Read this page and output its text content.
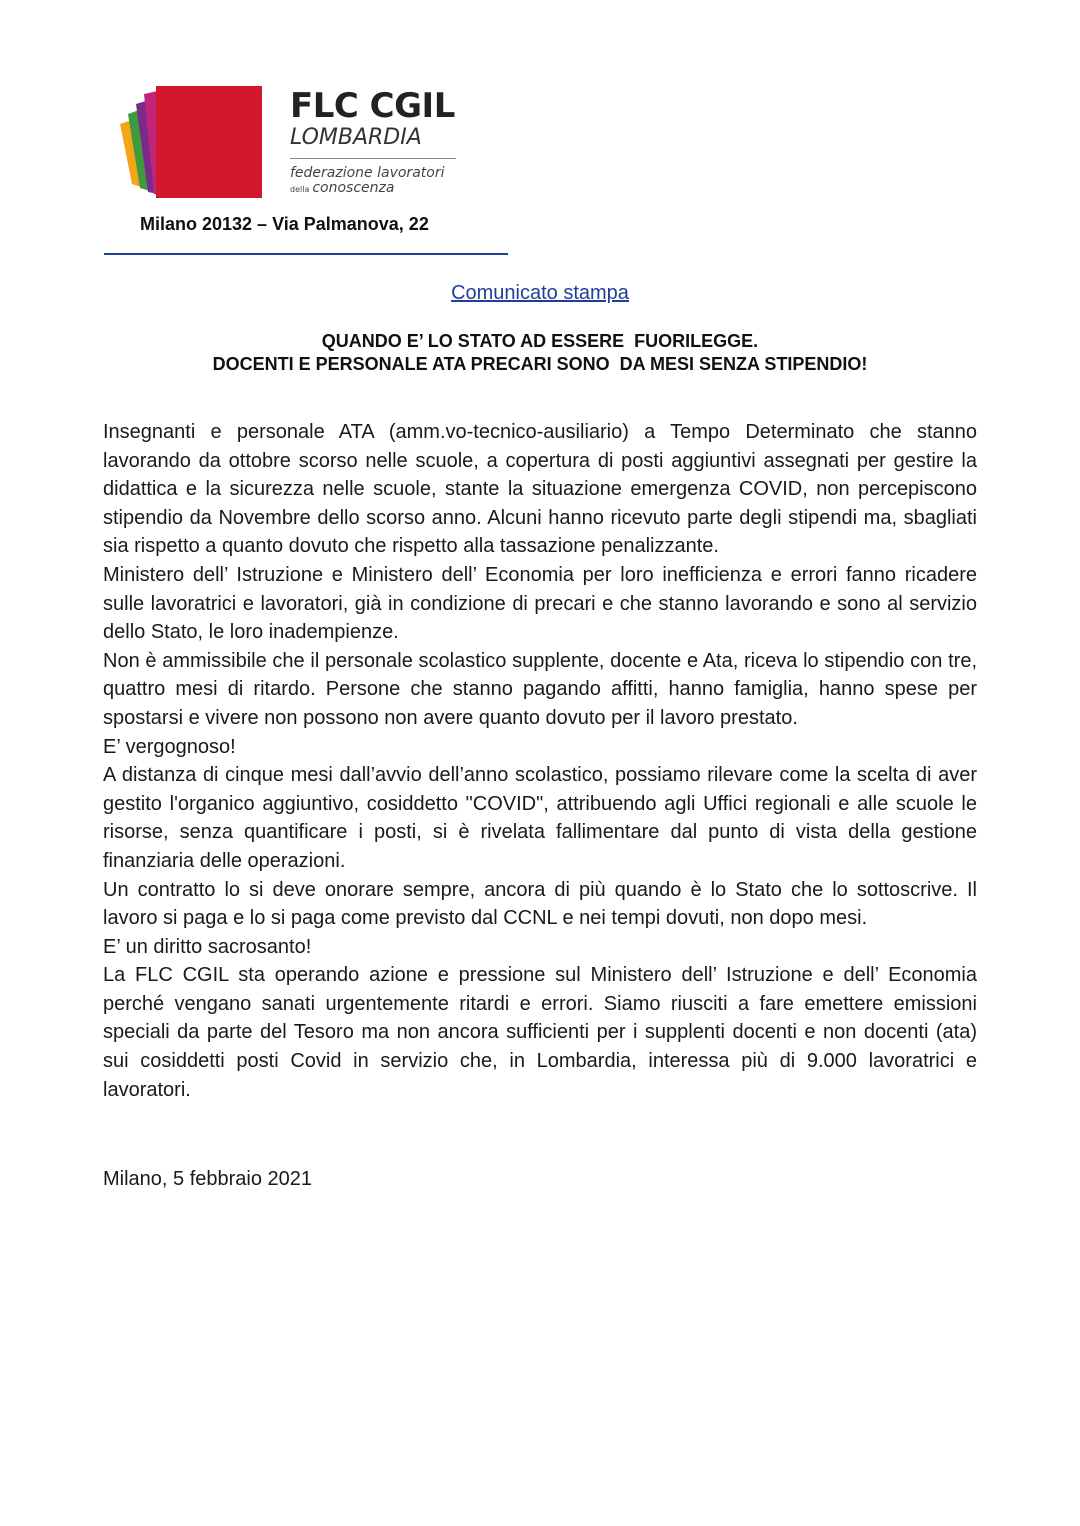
FLC CGIL
LOMBARDIA
federazione lavoratori
della conoscenza
Milano 20132 – Via Palmanova, 22
Comunicato stampa
QUANDO E’ LO STATO AD ESSERE  FUORILEGGE.
DOCENTI E PERSONALE ATA PRECARI SONO  DA MESI SENZA STIPENDIO!

Insegnanti e personale ATA (amm.vo-tecnico-ausiliario) a Tempo Determinato che stanno lavorando da ottobre scorso nelle scuole, a copertura di posti aggiuntivi assegnati per gestire la didattica e la sicurezza nelle scuole, stante la situazione emergenza COVID, non percepiscono stipendio da Novembre dello scorso anno. Alcuni hanno ricevuto parte degli stipendi ma, sbagliati sia rispetto a quanto dovuto che rispetto alla tassazione penalizzante.

Ministero dell’ Istruzione e Ministero dell’ Economia per loro inefficienza e errori fanno ricadere sulle lavoratrici e lavoratori, già in condizione di precari e che stanno lavorando e sono al servizio dello Stato, le loro inadempienze.

Non è ammissibile che il personale scolastico supplente, docente e Ata, riceva lo stipendio con tre, quattro mesi di ritardo. Persone che stanno pagando affitti, hanno famiglia, hanno spese per spostarsi e vivere non possono non avere quanto dovuto per il lavoro prestato.

E’ vergognoso!

A distanza di cinque mesi dall’avvio dell’anno scolastico, possiamo rilevare come la scelta di aver gestito l'organico aggiuntivo, cosiddetto "COVID", attribuendo agli Uffici regionali e alle scuole le risorse, senza quantificare i posti, si è rivelata fallimentare dal punto di vista della gestione finanziaria delle operazioni.

Un contratto lo si deve onorare sempre, ancora di più quando è lo Stato che lo sottoscrive. Il lavoro si paga e lo si paga come previsto dal CCNL e nei tempi dovuti, non dopo mesi.

E’ un diritto sacrosanto!

La FLC CGIL sta operando azione e pressione sul Ministero dell’ Istruzione e dell’ Economia perché vengano sanati urgentemente ritardi e errori. Siamo riusciti a fare emettere emissioni speciali da parte del Tesoro ma non ancora sufficienti per i supplenti docenti e non docenti (ata) sui cosiddetti posti Covid in servizio che, in Lombardia, interessa più di 9.000 lavoratrici e lavoratori.

Milano, 5 febbraio 2021
